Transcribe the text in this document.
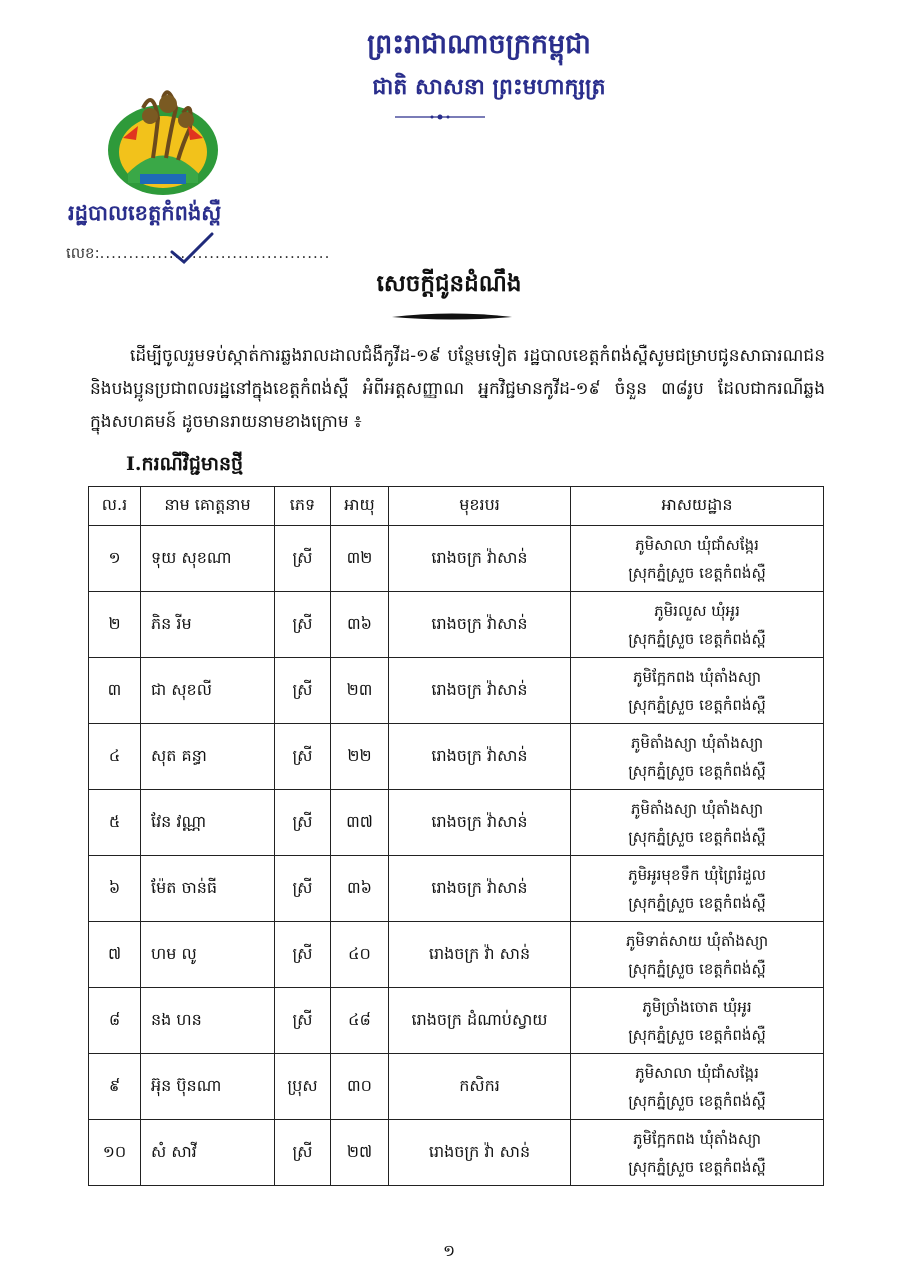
ព្រះរាជាណាចក្រកម្ពុជា
ជាតិ សាសនា ព្រះមហាក្សត្រ
រដ្ឋបាលខេត្តកំពង់ស្ពឺ
លេខ:........................................
សេចក្តីជូនដំណឹង
ដើម្បីចូលរួមទប់ស្កាត់ការឆ្លងរាលដាលជំងឺកូវីដ-១៩ បន្ថែមទៀត រដ្ឋបាលខេត្តកំពង់ស្ពឺសូមជម្រាបជូនសាធារណជន និងបងប្អូនប្រជាពលរដ្ឋនៅក្នុងខេត្តកំពង់ស្ពឺ អំពីអត្តសញ្ញាណ អ្នកវិជ្ជមានកូវីដ-១៩ ចំនួន ៣៨រូប ដែលជាករណីឆ្លងក្នុងសហគមន៍ ដូចមានរាយនាមខាងក្រោម ៖
I.ករណីវិជ្ជមានថ្មី
ល.រ	នាម គោត្តនាម	ភេទ	អាយុ	មុខរបរ	អាសយដ្ឋាន
១	ទុយ សុខណា	ស្រី	៣២	រោងចក្រ វ៉ាសាន់	ភូមិសាលា ឃុំជាំសង្កែរ
ស្រុកភ្នំស្រួច ខេត្តកំពង់ស្ពឺ

២	ភិន រីម	ស្រី	៣៦	រោងចក្រ វ៉ាសាន់	ភូមិរលួស ឃុំអូរ
ស្រុកភ្នំស្រួច ខេត្តកំពង់ស្ពឺ

៣	ជា សុខលី	ស្រី	២៣	រោងចក្រ វ៉ាសាន់	ភូមិក្អែកពង ឃុំតាំងស្យា
ស្រុកភ្នំស្រួច ខេត្តកំពង់ស្ពឺ

៤	សុត គន្ធា	ស្រី	២២	រោងចក្រ វ៉ាសាន់	ភូមិតាំងស្យា ឃុំតាំងស្យា
ស្រុកភ្នំស្រួច ខេត្តកំពង់ស្ពឺ

៥	វែន វណ្ណា	ស្រី	៣៧	រោងចក្រ វ៉ាសាន់	ភូមិតាំងស្យា ឃុំតាំងស្យា
ស្រុកភ្នំស្រួច ខេត្តកំពង់ស្ពឺ

៦	ម៉ែត ចាន់ធី	ស្រី	៣៦	រោងចក្រ វ៉ាសាន់	ភូមិអូរមុខទឹក ឃុំព្រៃរំដួល
ស្រុកភ្នំស្រួច ខេត្តកំពង់ស្ពឺ

៧	ហម លូ	ស្រី	៤០	រោងចក្រ វ៉ា សាន់	ភូមិទាត់សាយ ឃុំតាំងស្យា
ស្រុកភ្នំស្រួច ខេត្តកំពង់ស្ពឺ

៨	នង ហន	ស្រី	៤៨	រោងចក្រ ដំណាប់ស្វាយ	ភូមិច្រាំងចោត ឃុំអូរ
ស្រុកភ្នំស្រួច ខេត្តកំពង់ស្ពឺ

៩	អ៊ុន ប៊ុនណា	ប្រុស	៣០	កសិករ	ភូមិសាលា ឃុំជាំសង្កែរ
ស្រុកភ្នំស្រួច ខេត្តកំពង់ស្ពឺ

១០	សំ សាវី	ស្រី	២៧	រោងចក្រ វ៉ា សាន់	ភូមិក្អែកពង ឃុំតាំងស្យា
ស្រុកភ្នំស្រួច ខេត្តកំពង់ស្ពឺ
១
